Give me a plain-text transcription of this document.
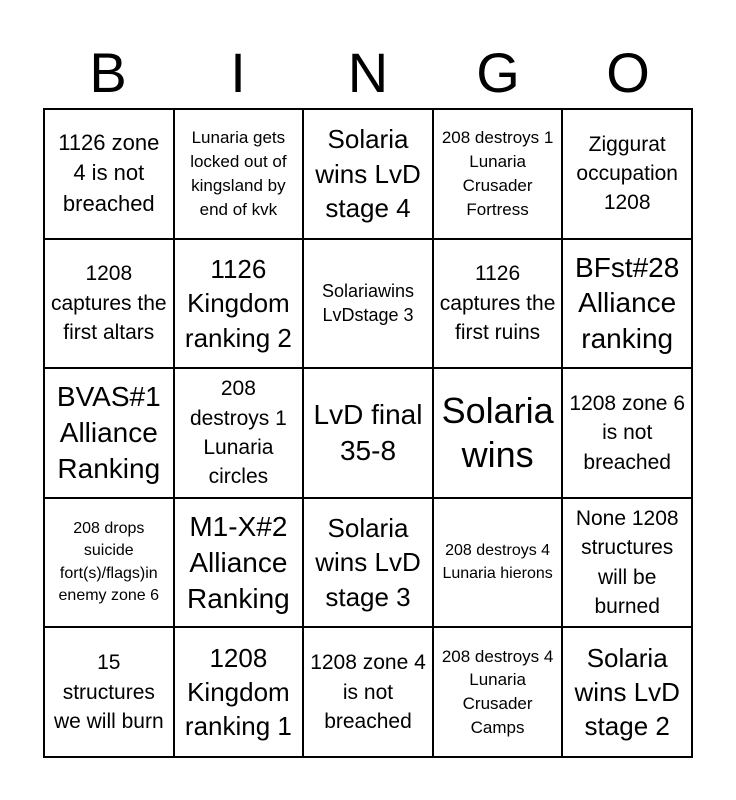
B	I	N	G	O
1126 zone 4 is not breached
Lunaria gets locked out of kingsland by end of kvk
Solaria wins LvD stage 4
208 destroys 1 Lunaria Crusader Fortress
Ziggurat occupation 1208
1208 captures the first altars
1126 Kingdom ranking 2
Solariawins LvDstage 3
1126 captures the first ruins
BFst#28 Alliance ranking
BVAS#1 Alliance Ranking
208 destroys 1 Lunaria circles
LvD final 35-8
Solaria wins
1208 zone 6 is not breached
208 drops suicide fort(s)/flags)in enemy zone 6
M1-X#2 Alliance Ranking
Solaria wins LvD stage 3
208 destroys 4 Lunaria hierons
None 1208 structures will be burned
15 structures we will burn
1208 Kingdom ranking 1
1208 zone 4 is not breached
208 destroys 4 Lunaria Crusader Camps
Solaria wins LvD stage 2
